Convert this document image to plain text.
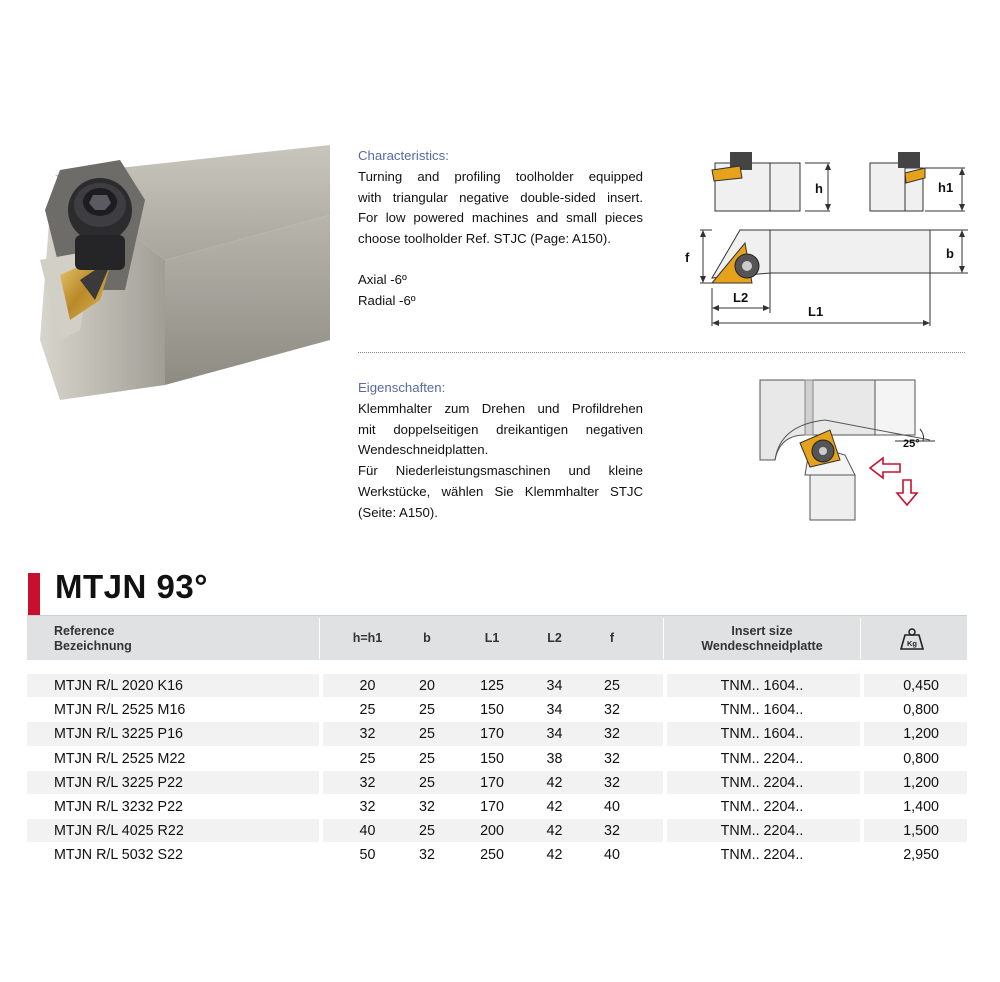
Characteristics:

Turning and profiling toolholder equipped

with triangular negative double-sided insert.

For low powered machines and small pieces

choose toolholder Ref. STJC (Page: A150).

Axial -6º

Radial -6º

h	h1
b
f
L2
L1

Eigenschaften:

Klemmhalter zum Drehen und Profildrehen

mit doppelseitigen dreikantigen negativen

Wendeschneidplatten.

Für Niederleistungsmaschinen und kleine

Werkstücke, wählen Sie Klemmhalter STJC

(Seite: A150).

25°
MTJN 93°
Reference
Bezeichnung
h=h1	b	L1	L2	f
Insert size
Wendeschneidplatte	Kg
MTJN R/L 2020 K16	20	20	125	34	25	TNM.. 1604..	0,450
MTJN R/L 2525 M16	25	25	150	34	32	TNM.. 1604..	0,800
MTJN R/L 3225 P16	32	25	170	34	32	TNM.. 1604..	1,200
MTJN R/L 2525 M22	25	25	150	38	32	TNM.. 2204..	0,800
MTJN R/L 3225 P22	32	25	170	42	32	TNM.. 2204..	1,200
MTJN R/L 3232 P22	32	32	170	42	40	TNM.. 2204..	1,400
MTJN R/L 4025 R22	40	25	200	42	32	TNM.. 2204..	1,500
MTJN R/L 5032 S22	50	32	250	42	40	TNM.. 2204..	2,950
